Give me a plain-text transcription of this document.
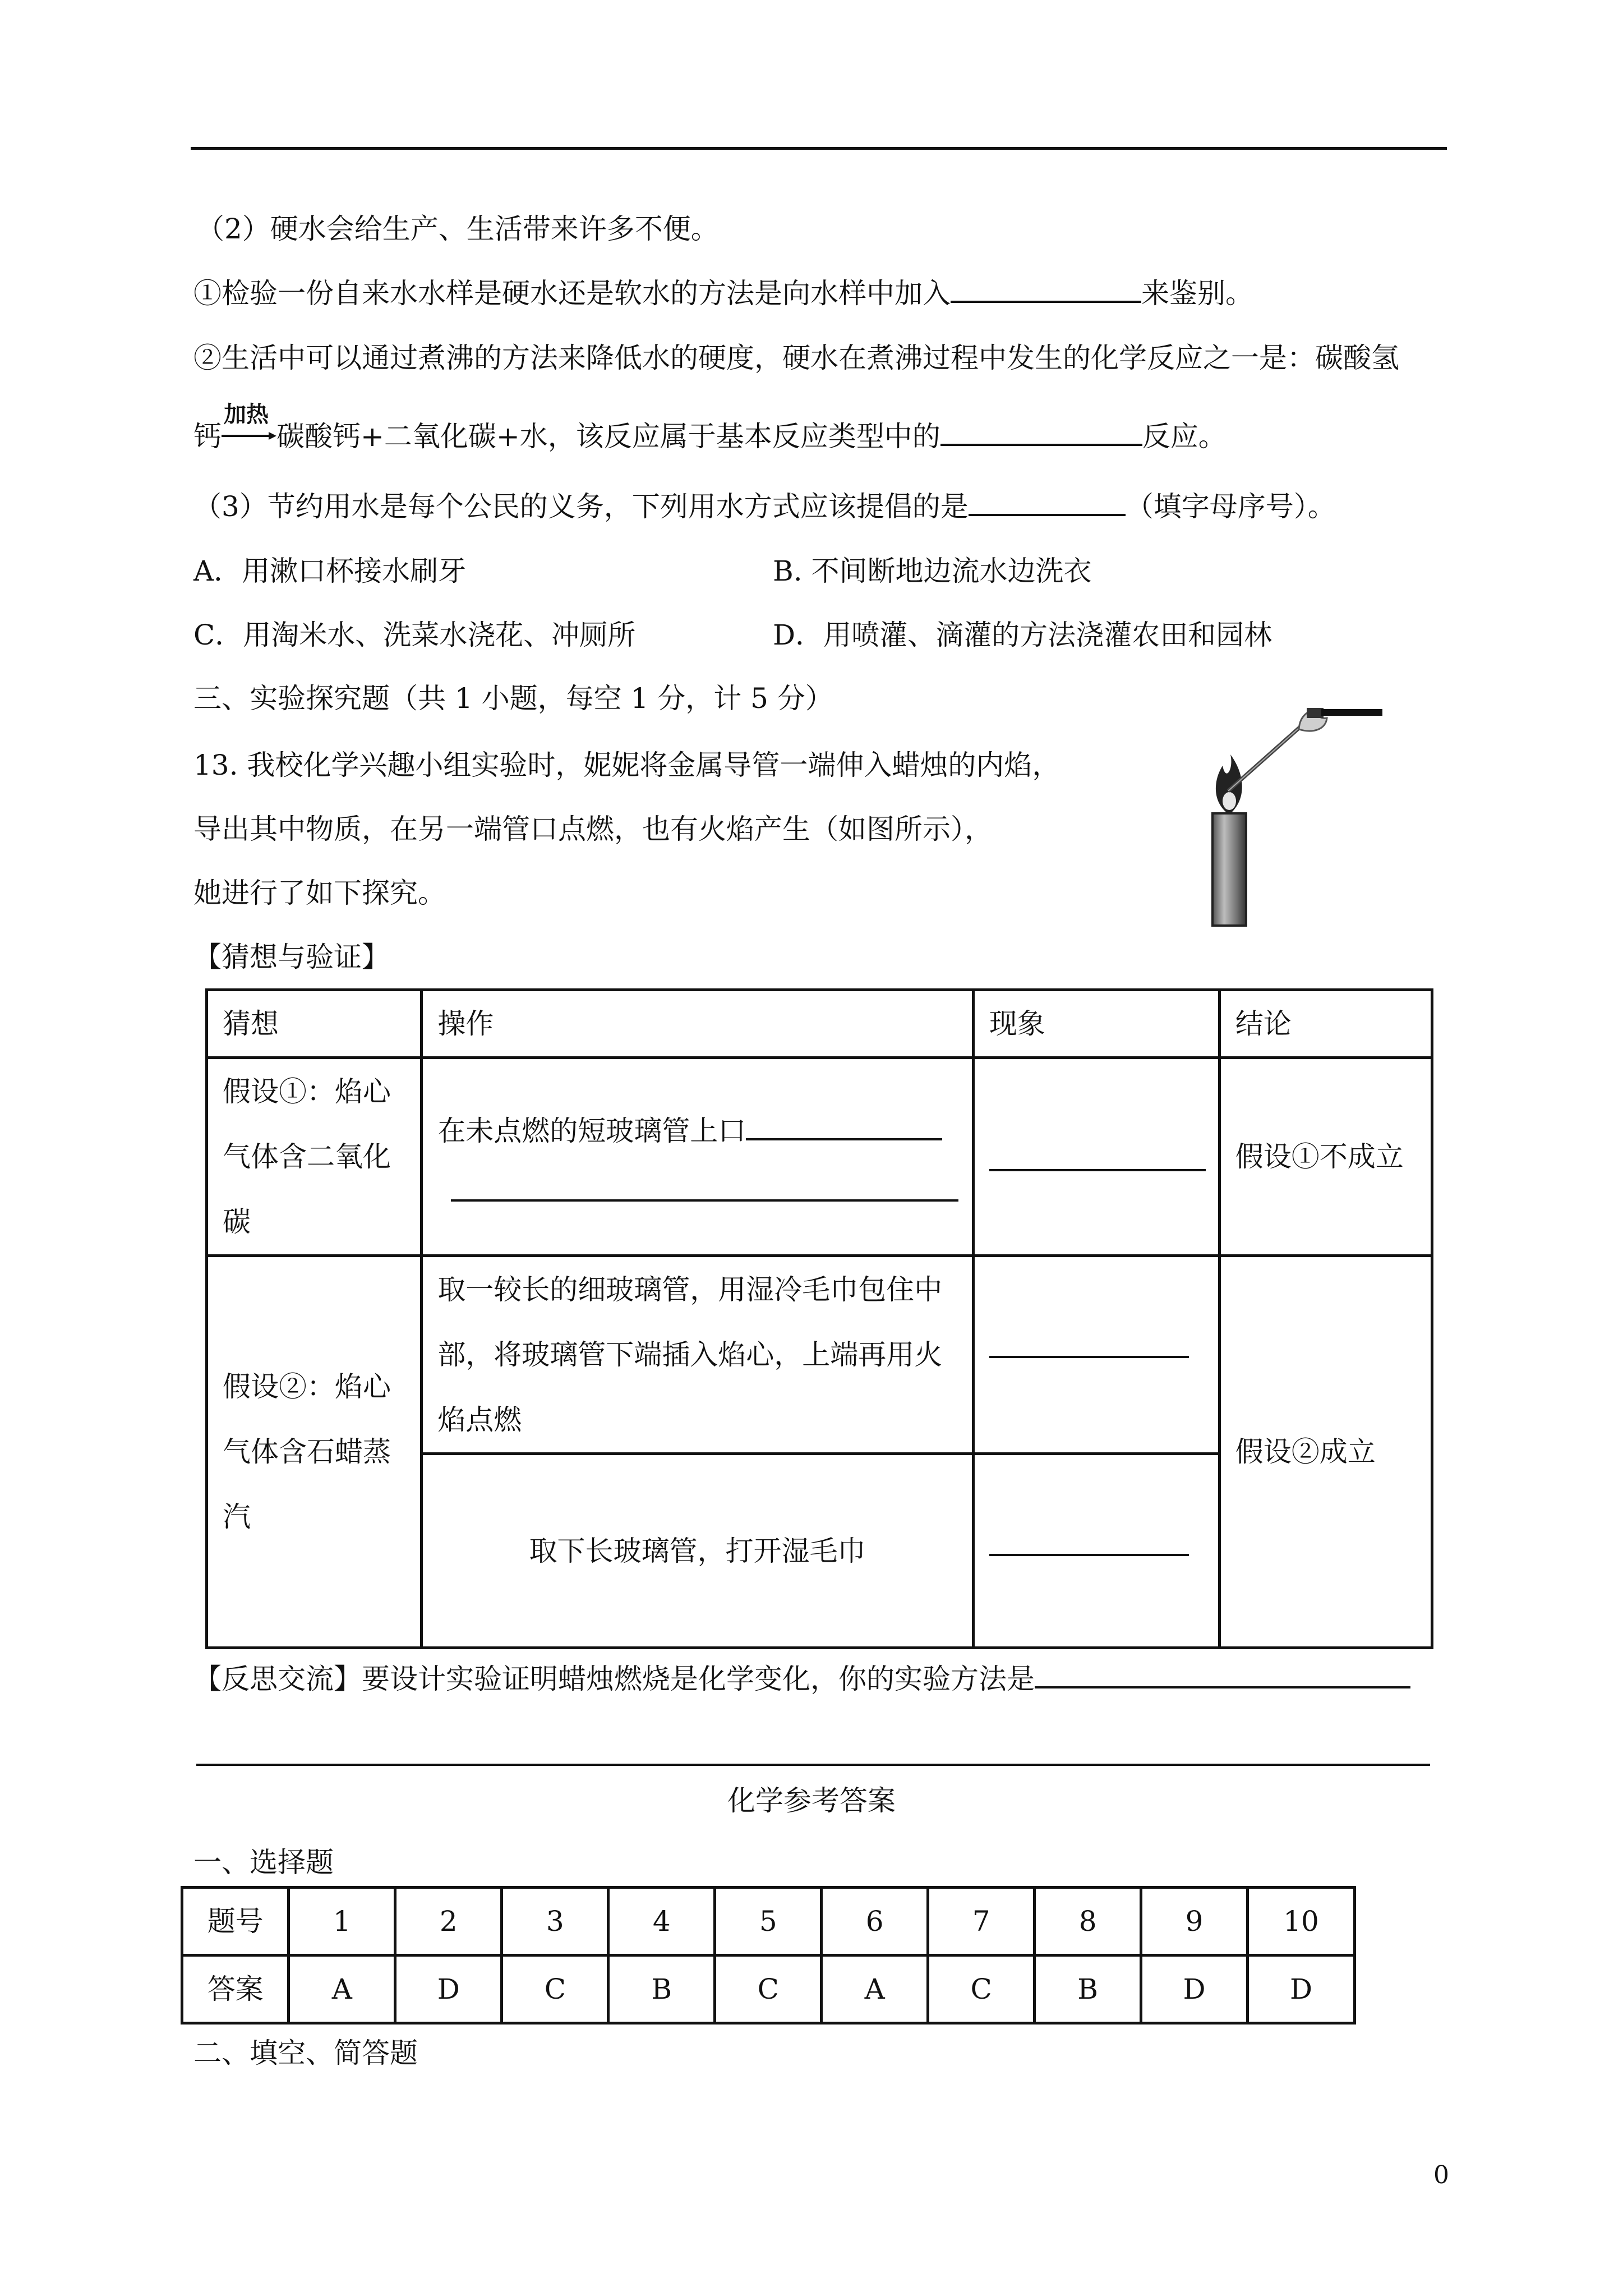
（2）硬水会给生产、生活带来许多不便。
①检验一份自来水水样是硬水还是软水的方法是向水样中加入	来鉴别。
②生活中可以通过煮沸的方法来降低水的硬度，硬水在煮沸过程中发生的化学反应之一是：碳酸氢
钙
加热
碳酸钙+二氧化碳+水，该反应属于基本反应类型中的	反应。
（3）节约用水是每个公民的义务，下列用水方式应该提倡的是	（填字母序号）。
A．用漱口杯接水刷牙	B. 不间断地边流水边洗衣
C．用淘米水、洗菜水浇花、冲厕所	D．用喷灌、滴灌的方法浇灌农田和园林
三、实验探究题（共 1 小题，每空 1 分，计 5 分）
13. 我校化学兴趣小组实验时，妮妮将金属导管一端伸入蜡烛的内焰，
导出其中物质，在另一端管口点燃，也有火焰产生（如图所示），
她进行了如下探究。
【猜想与验证】
猜想	操作	现象	结论

假设①：焰心气体含二氧化碳	在未点燃的短玻璃管上口		假设①不成立

假设②：焰心气体含石蜡蒸汽	取一较长的细玻璃管，用湿冷毛巾包住中部，将玻璃管下端插入焰心，上端再用火焰点燃		假设②成立

	取下长玻璃管，打开湿毛巾		

【反思交流】要设计实验证明蜡烛燃烧是化学变化，你的实验方法是
化学参考答案
一、选择题
题号	1	2	3	4	5	6	7	8	9	10
答案	A	D	C	B	C	A	C	B	D	D
二、填空、简答题
0
